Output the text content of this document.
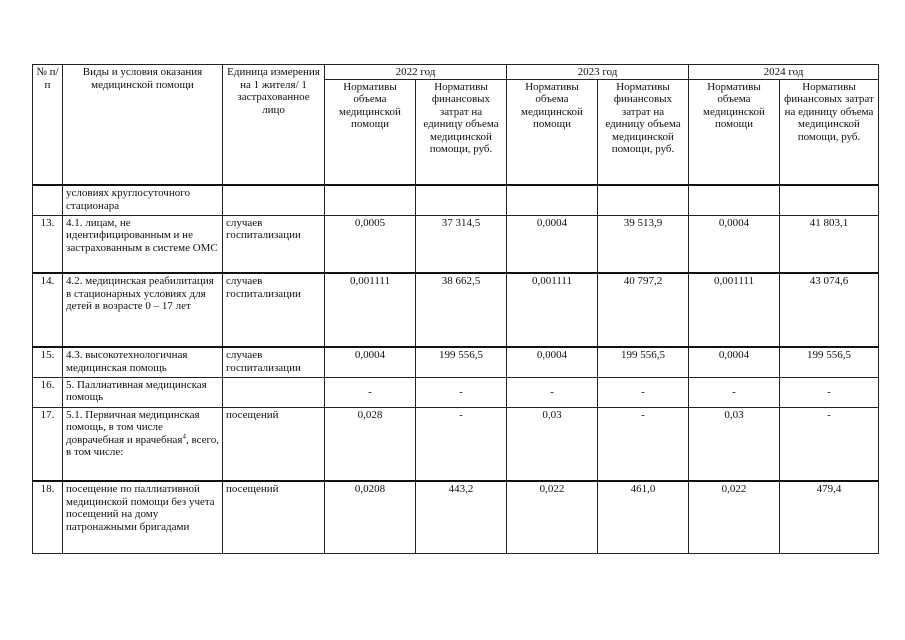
№ п/п	Виды и условия оказания медицинской помощи	Единица измерения на 1 жителя/ 1 застрахованное лицо	2022 год		2023 год		2024 год	
			Нормативы объема медицинской помощи	Нормативы финансовых затрат на единицу объема медицинской помощи, руб.	Нормативы объема медицинской помощи	Нормативы финансовых затрат на единицу объема медицинской помощи, руб.	Нормативы объема медицинской помощи	Нормативы финансовых затрат на единицу объема медицинской помощи, руб.
	условиях круглосуточного стационара							
13.	4.1. лицам, не идентифицированным и не застрахованным в системе ОМС	случаев госпитализации	0,0005	37 314,5	0,0004	39 513,9	0,0004	41 803,1
14.	4.2. медицинская реабилитация в стационарных условиях для детей в возрасте 0 – 17 лет	случаев госпитализации	0,001111	38 662,5	0,001111	40 797,2	0,001111	43 074,6
15.	4.3. высокотехнологичная медицинская помощь	случаев госпитализации	0,0004	199 556,5	0,0004	199 556,5	0,0004	199 556,5
16.	5. Паллиативная медицинская помощь		-	-	-	-	-	-
17.	5.1. Первичная медицинская помощь, в том числе доврачебная и врачебная$^4$, всего, в том числе:	посещений	0,028	-	0,03	-	0,03	-
18.	посещение по паллиативной медицинской помощи без учета посещений на дому патронажными бригадами	посещений	0,0208	443,2	0,022	461,0	0,022	479,4
